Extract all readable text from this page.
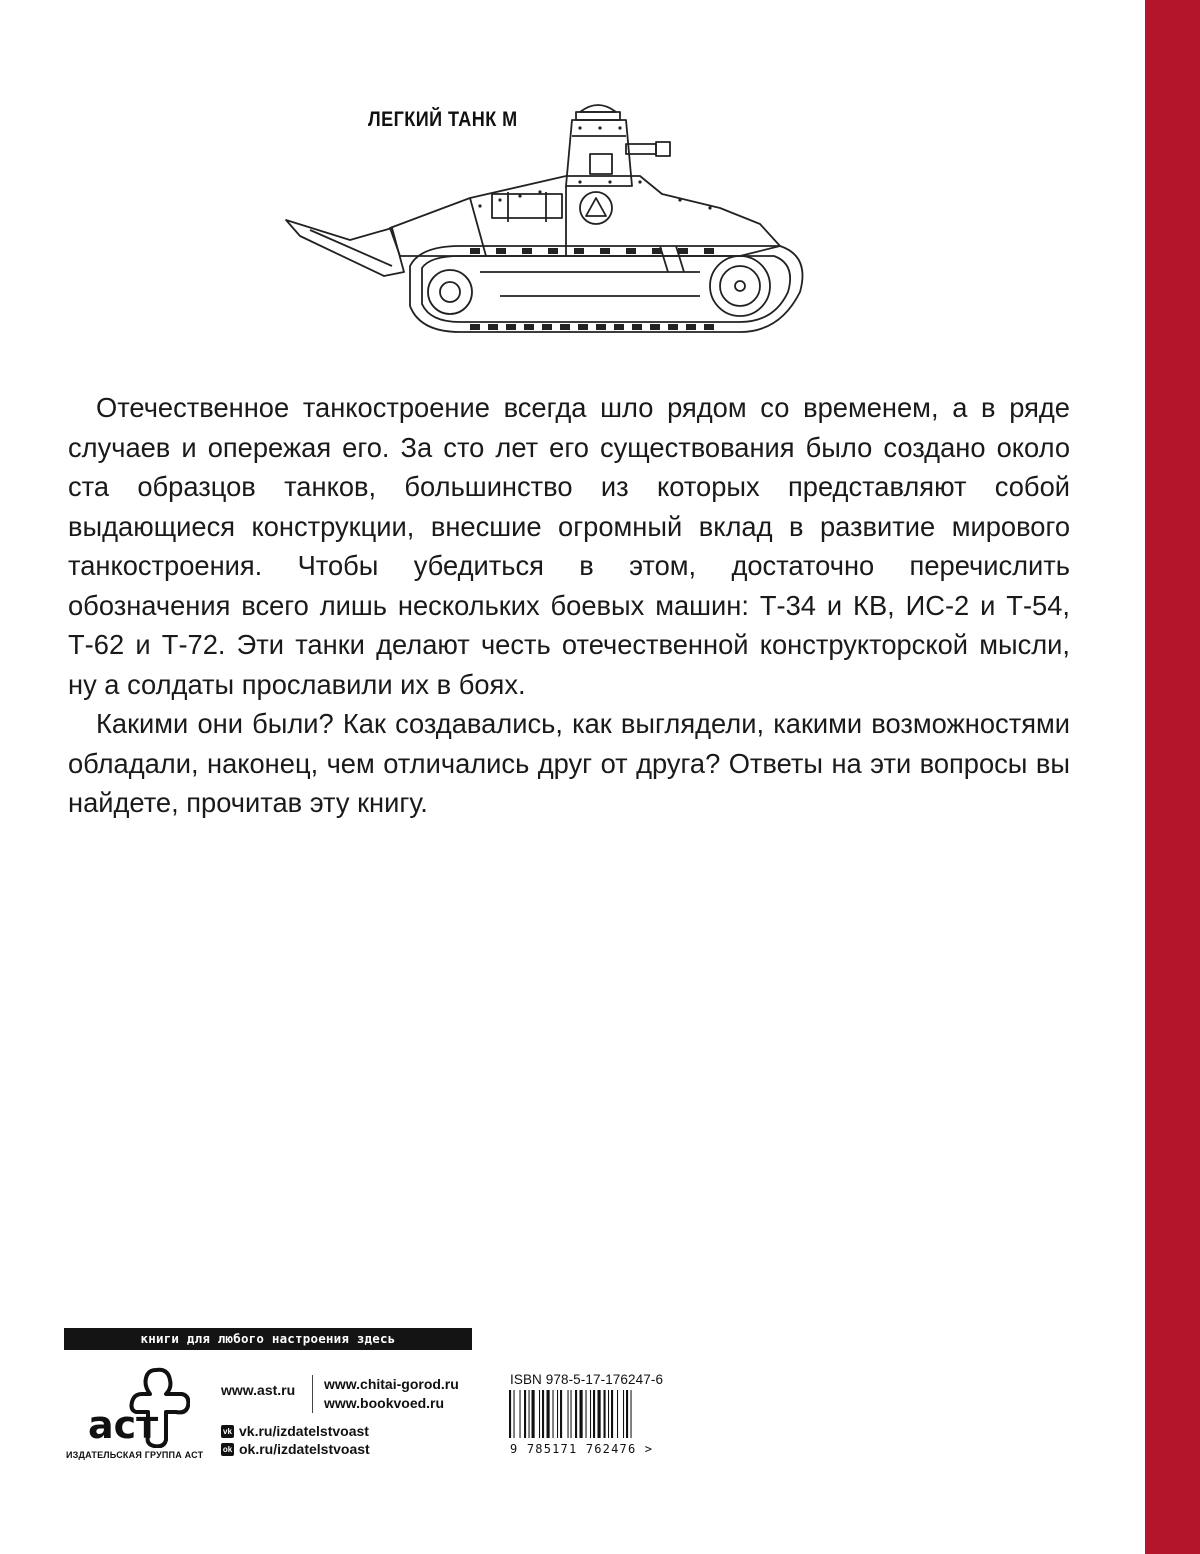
ЛЕГКИЙ ТАНК М

Отечественное танкостроение всегда шло рядом со временем, а в ряде случаев и опережая его. За сто лет его существования было создано около ста образцов танков, большинство из которых представляют собой выдающиеся конструкции, внесшие огромный вклад в развитие мирового танкостроения. Чтобы убедиться в этом, достаточно перечислить обозначения всего лишь нескольких боевых машин: Т-34 и КВ, ИС-2 и Т-54, Т-62 и Т-72. Эти танки делают честь отечественной конструкторской мысли, ну а солдаты прославили их в боях.

Какими они были? Как создавались, как выглядели, какими возможностями обладали, наконец, чем отличались друг от друга? Ответы на эти вопросы вы найдете, прочитав эту книгу.

книги для любого настроения здесь
аст
ИЗДАТЕЛЬСКАЯ ГРУППА АСТ
www.ast.ru www.chitai-gorod.ru
www.bookvoed.ru
vk vk.ru/izdatelstvoast
ok ok.ru/izdatelstvoast
ISBN 978-5-17-176247-6
9 785171 762476 >
